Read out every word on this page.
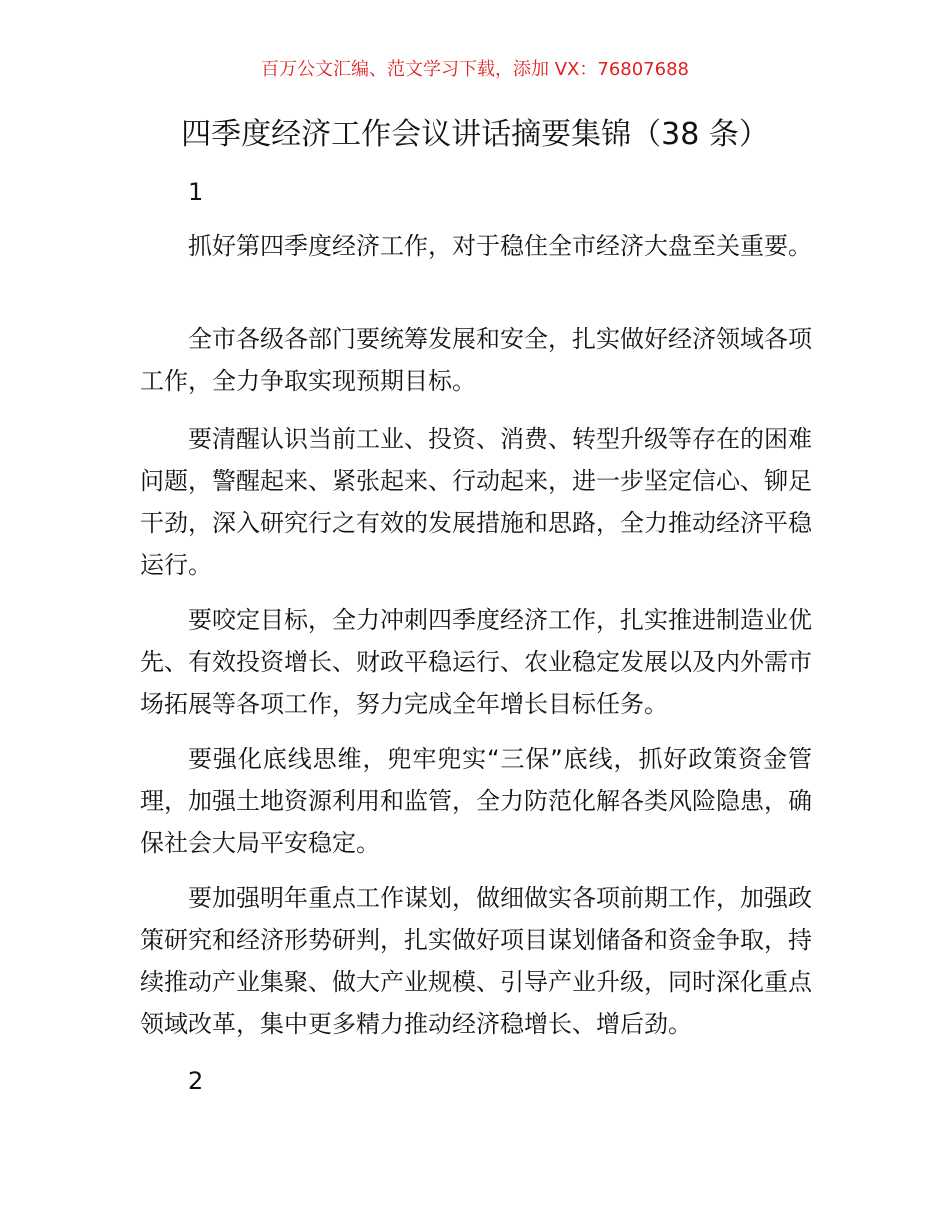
百万公文汇编、范文学习下载，添加 VX：76807688
四季度经济工作会议讲话摘要集锦（38 条）
1

抓好第四季度经济工作，对于稳住全市经济大盘至关重要。

全市各级各部门要统筹发展和安全，扎实做好经济领域各项工作，全力争取实现预期目标。

要清醒认识当前工业、投资、消费、转型升级等存在的困难问题，警醒起来、紧张起来、行动起来，进一步坚定信心、铆足干劲，深入研究行之有效的发展措施和思路，全力推动经济平稳运行。

要咬定目标，全力冲刺四季度经济工作，扎实推进制造业优先、有效投资增长、财政平稳运行、农业稳定发展以及内外需市场拓展等各项工作，努力完成全年增长目标任务。

要强化底线思维，兜牢兜实“三保”底线，抓好政策资金管理，加强土地资源利用和监管，全力防范化解各类风险隐患，确保社会大局平安稳定。

要加强明年重点工作谋划，做细做实各项前期工作，加强政策研究和经济形势研判，扎实做好项目谋划储备和资金争取，持续推动产业集聚、做大产业规模、引导产业升级，同时深化重点领域改革，集中更多精力推动经济稳增长、增后劲。

2
